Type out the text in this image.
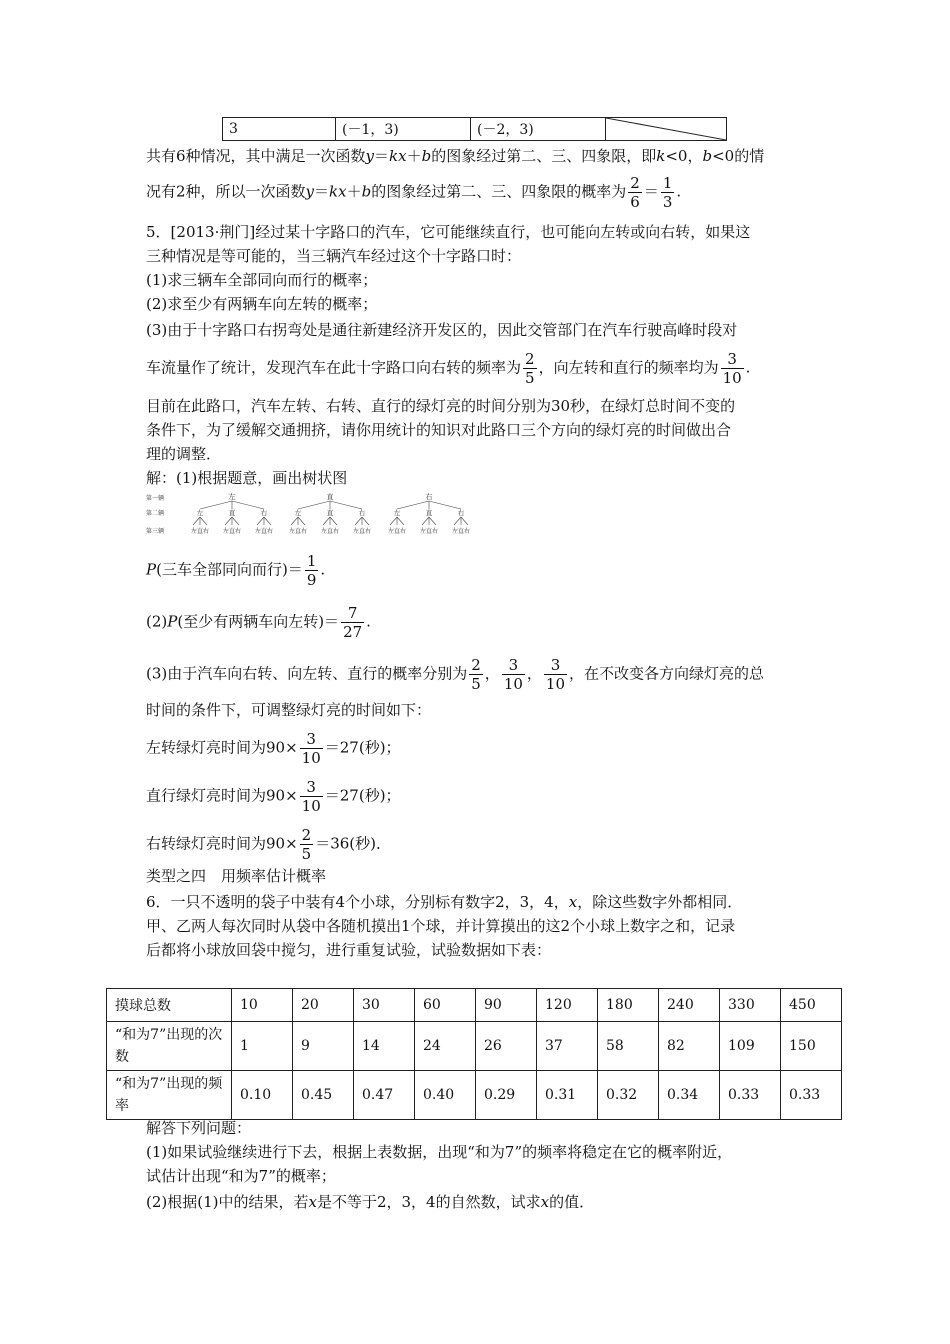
3	(－1，3)	(－2，3)	
共有6种情况，其中满足一次函数y＝kx＋b的图象经过第二、三、四象限，即k<0，b<0的情
况有2种，所以一次函数y＝kx＋b的图象经过第二、三、四象限的概率为 $\frac{2}{6} = \frac{1}{3}$ .
5．[2013·荆门]经过某十字路口的汽车，它可能继续直行，也可能向左转或向右转，如果这
三种情况是等可能的，当三辆汽车经过这个十字路口时：
(1)求三辆车全部同向而行的概率；
(2)求至少有两辆车向左转的概率；
(3)由于十字路口右拐弯处是通往新建经济开发区的，因此交管部门在汽车行驶高峰时段对
车流量作了统计，发现汽车在此十字路口向右转的频率为 $\frac{2}{5}$ ，向左转和直行的频率均为 $\frac{3}{10}$ .
目前在此路口，汽车左转、右转、直行的绿灯亮的时间分别为30秒，在绿灯总时间不变的
条件下，为了缓解交通拥挤，请你用统计的知识对此路口三个方向的绿灯亮的时间做出合
理的调整．
解：(1)根据题意，画出树状图
第一辆
第二辆
第三辆
左
左
左直右
直
左直右
右
左直右
直
左
左直右
直
左直右
右
左直右
右
左
左直右
直
左直右
右
左直右
P(三车全部同向而行)＝ $\frac{1}{9}$ .
(2)P(至少有两辆车向左转)＝ $\frac{7}{27}$ .
(3)由于汽车向右转、向左转、直行的概率分别为 $\frac{2}{5}$ ， $\frac{3}{10}$ ， $\frac{3}{10}$ ，在不改变各方向绿灯亮的总
时间的条件下，可调整绿灯亮的时间如下：
左转绿灯亮时间为$90\times \frac{3}{10} =27$(秒)；
直行绿灯亮时间为$90\times \frac{3}{10} =27$(秒)；
右转绿灯亮时间为$90\times \frac{2}{5} =36$(秒)．
类型之四　用频率估计概率
6．一只不透明的袋子中装有4个小球，分别标有数字2，3，4，x，除这些数字外都相同．
甲、乙两人每次同时从袋中各随机摸出1个球，并计算摸出的这2个小球上数字之和，记录
后都将小球放回袋中搅匀，进行重复试验，试验数据如下表：
摸球总数	10	20	30	60	90	120	180	240	330	450
“和为7”出现的次数	1	9	14	24	26	37	58	82	109	150
“和为7”出现的频率	0.10	0.45	0.47	0.40	0.29	0.31	0.32	0.34	0.33	0.33
解答下列问题：
(1)如果试验继续进行下去，根据上表数据，出现“和为7”的频率将稳定在它的概率附近，
试估计出现“和为7”的概率；
(2)根据(1)中的结果，若x是不等于2，3，4的自然数，试求x的值．
